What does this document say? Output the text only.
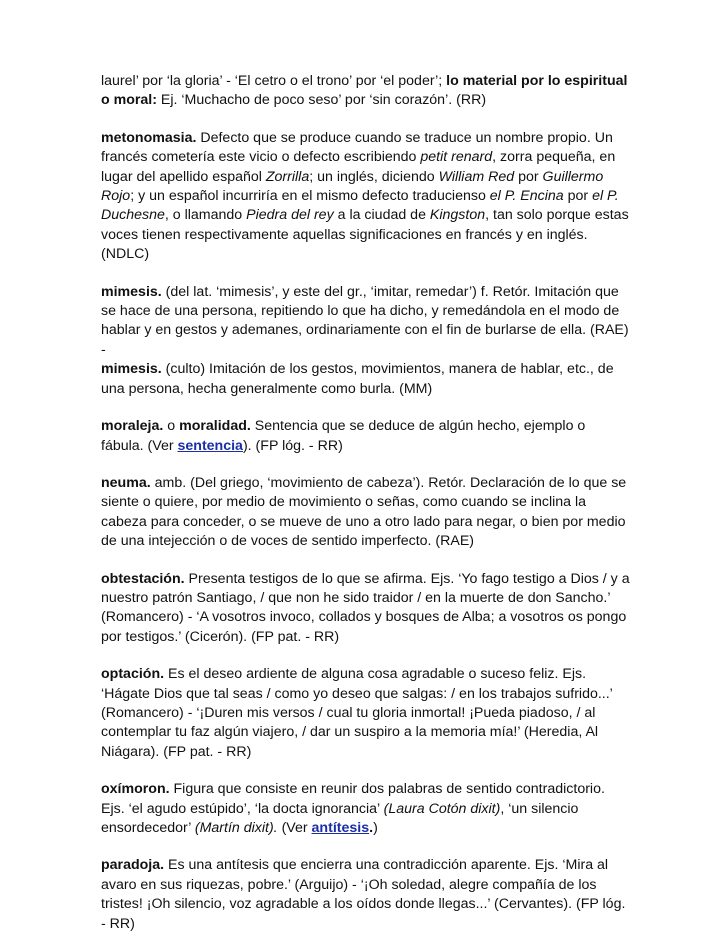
laurel’ por ‘la gloria’ - ‘El cetro o el trono’ por ‘el poder’; lo material por lo espiritual o moral: Ej. ‘Muchacho de poco seso’ por ‘sin corazón’. (RR)
metonomasia. Defecto que se produce cuando se traduce un nombre propio. Un francés cometería este vicio o defecto escribiendo petit renard, zorra pequeña, en lugar del apellido español Zorrilla; un inglés, diciendo William Red por Guillermo Rojo; y un español incurriría en el mismo defecto traducienso el P. Encina por el P. Duchesne, o llamando Piedra del rey a la ciudad de Kingston, tan solo porque estas voces tienen respectivamente aquellas significaciones en francés y en inglés. (NDLC)
mimesis. (del lat. ‘mimesis’, y este del gr., ‘imitar, remedar’) f. Retór. Imitación que se hace de una persona, repitiendo lo que ha dicho, y remedándola en el modo de hablar y en gestos y ademanes, ordinariamente con el fin de burlarse de ella. (RAE) -
mimesis. (culto) Imitación de los gestos, movimientos, manera de hablar, etc., de una persona, hecha generalmente como burla. (MM)
moraleja. o moralidad. Sentencia que se deduce de algún hecho, ejemplo o fábula. (Ver sentencia). (FP lóg. - RR)
neuma. amb. (Del griego, ‘movimiento de cabeza’). Retór. Declaración de lo que se siente o quiere, por medio de movimiento o señas, como cuando se inclina la cabeza para conceder, o se mueve de uno a otro lado para negar, o bien por medio de una intejección o de voces de sentido imperfecto. (RAE)
obtestación. Presenta testigos de lo que se afirma. Ejs. ‘Yo fago testigo a Dios / y a nuestro patrón Santiago, / que non he sido traidor / en la muerte de don Sancho.’ (Romancero) - ‘A vosotros invoco, collados y bosques de Alba; a vosotros os pongo por testigos.’ (Cicerón). (FP pat. - RR)
optación. Es el deseo ardiente de alguna cosa agradable o suceso feliz. Ejs. ‘Hágate Dios que tal seas / como yo deseo que salgas: / en los trabajos sufrido...’ (Romancero) - ‘¡Duren mis versos / cual tu gloria inmortal! ¡Pueda piadoso, / al contemplar tu faz algún viajero, / dar un suspiro a la memoria mía!’ (Heredia, Al Niágara). (FP pat. - RR)
oxímoron. Figura que consiste en reunir dos palabras de sentido contradictorio. Ejs. ‘el agudo estúpido’, ‘la docta ignorancia’ (Laura Cotón dixit), ‘un silencio ensordecedor’ (Martín dixit). (Ver antítesis.)
paradoja. Es una antítesis que encierra una contradicción aparente. Ejs. ‘Mira al avaro en sus riquezas, pobre.’ (Arguijo) - ‘¡Oh soledad, alegre compañía de los tristes! ¡Oh silencio, voz agradable a los oídos donde llegas...’ (Cervantes). (FP lóg. - RR)
